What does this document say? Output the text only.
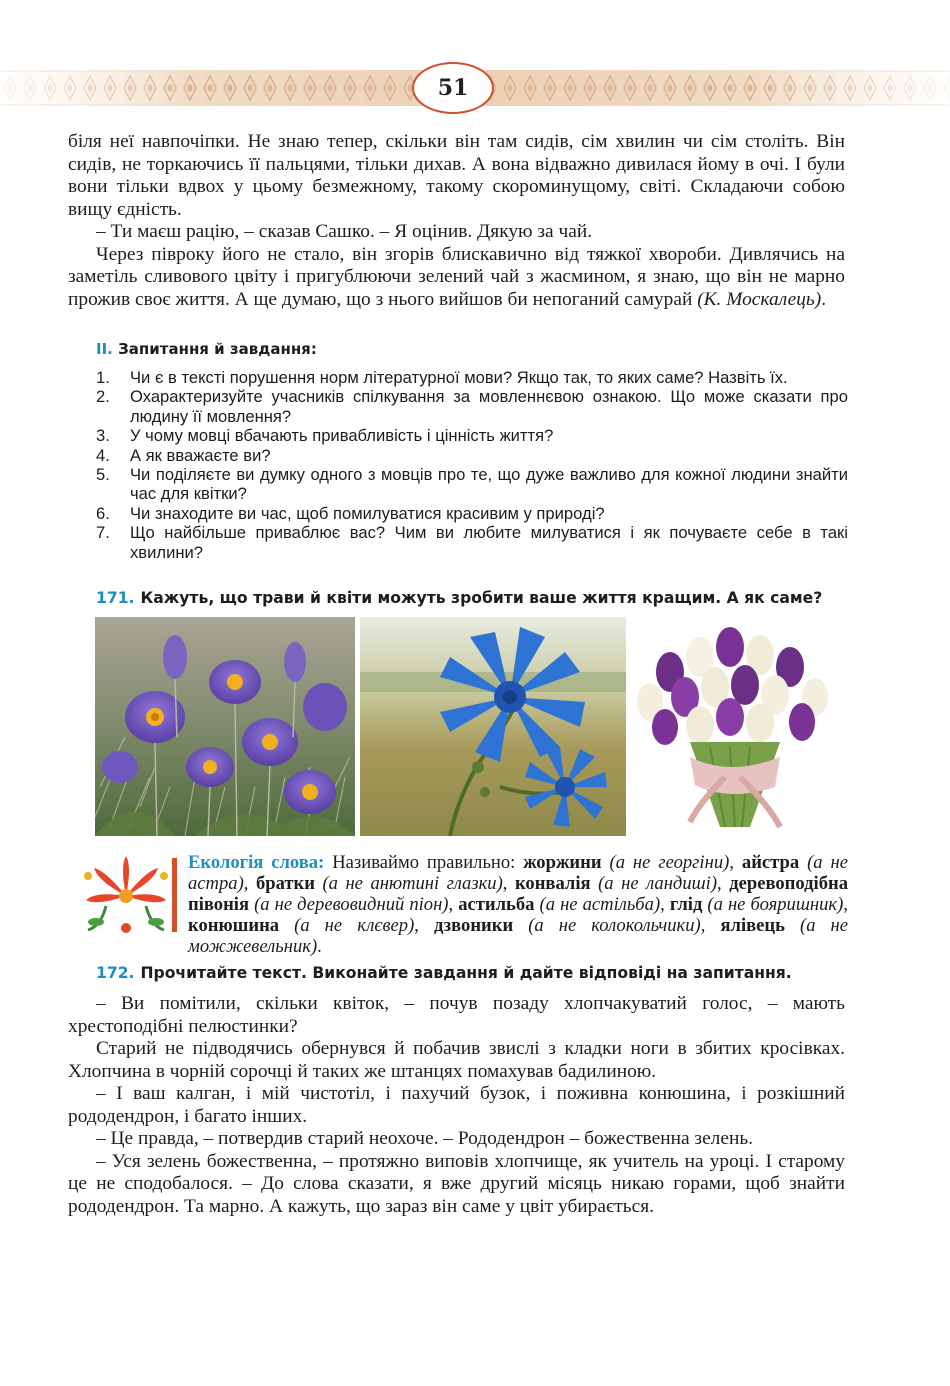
51

біля неї навпочіпки. Не знаю тепер, скільки він там сидів, сім хвилин чи сім століть. Він сидів, не торкаючись її пальцями, тільки дихав. А вона відважно дивилася йому в очі. І були вони тільки вдвох у цьому безмежному, такому скороминущому, світі. Складаючи собою вищу єдність.

– Ти маєш рацію, – сказав Сашко. – Я оцінив. Дякую за чай.

Через півроку його не стало, він згорів блискавично від тяжкої хвороби. Дивлячись на заметіль сливового цвіту і пригублюючи зелений чай з жасмином, я знаю, що він не марно прожив своє життя. А ще думаю, що з нього вийшов би непоганий самурай (К. Москалець).

II. Запитання й завдання:
1.	Чи є в тексті порушення норм літературної мови? Якщо так, то яких саме? Назвіть їх.
2.	Охарактеризуйте учасників спілкування за мовленнєвою ознакою. Що може сказати про людину її мовлення?
3.	У чому мовці вбачають привабливість і цінність життя?
4.	А як вважаєте ви?
5.	Чи поділяєте ви думку одного з мовців про те, що дуже важливо для кожної людини знайти час для квітки?
6.	Чи знаходите ви час, щоб помилуватися красивим у природі?
7.	Що найбільше приваблює вас? Чим ви любите милуватися і як почуваєте себе в такі хвилини?
171. Кажуть, що трави й квіти можуть зробити ваше життя кращим. А як саме?
Екологія слова: Називаймо правильно: жоржини (а не георгіни), айстра (а не астра), братки (а не анютині глазки), конвалія (а не ландиші), деревоподібна півонія (а не деревовидний піон), астильба (а не астільба), глід (а не бояришник), конюшина (а не клєвер), дзвоники (а не колокольчики), ялівець (а не можжевельник).
172. Прочитайте текст. Виконайте завдання й дайте відповіді на запитання.

– Ви помітили, скільки квіток, – почув позаду хлопчакуватий голос, – мають хрестоподібні пелюстинки?

Старий не підводячись обернувся й побачив звислі з кладки ноги в збитих кросівках. Хлопчина в чорній сорочці й таких же штанцях помахував бадилиною.

– І ваш калган, і мій чистотіл, і пахучий бузок, і поживна конюшина, і розкішний рододендрон, і багато інших.

– Це правда, – потвердив старий неохоче. – Рододендрон – божественна зелень.

– Уся зелень божественна, – протяжно виповів хлопчище, як учитель на уроці. І старому це не сподобалося. – До слова сказати, я вже другий місяць никаю горами, щоб знайти рододендрон. Та марно. А кажуть, що зараз він саме у цвіт убирається.
